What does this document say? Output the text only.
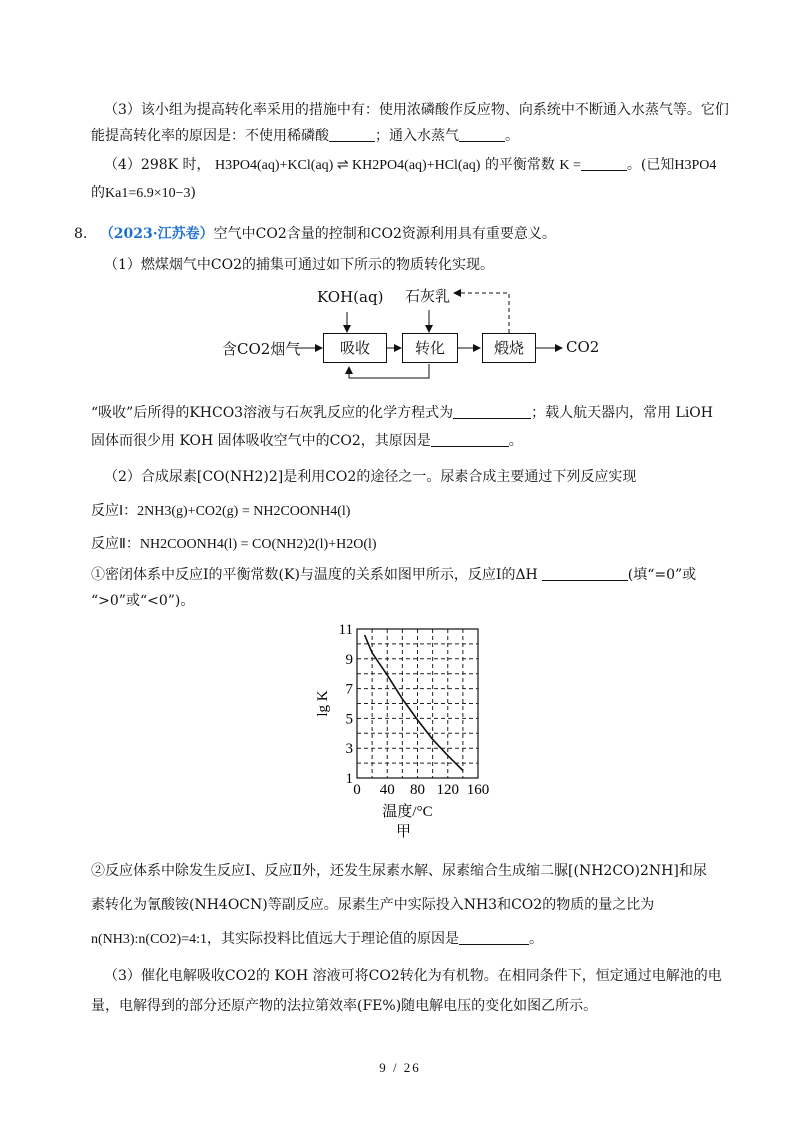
（3）该小组为提高转化率采用的措施中有：使用浓磷酸作反应物、向系统中不断通入水蒸气等。它们
能提高转化率的原因是：不使用稀磷酸	；通入水蒸气	。
（4）298K 时， H3PO4(aq)+KCl(aq) ⇌ KH2PO4(aq)+HCl(aq) 的平衡常数 K =	。(已知H3PO4
的Ka1=6.9×10−3)
8. （2023·江苏卷）空气中CO2含量的控制和CO2资源利用具有重要意义。
（1）燃煤烟气中CO2的捕集可通过如下所示的物质转化实现。
KOH(aq) 石灰乳
含CO2烟气	吸收	转化	煅烧	CO2
“吸收”后所得的KHCO3溶液与石灰乳反应的化学方程式为	；载人航天器内，常用 LiOH
固体而很少用 KOH 固体吸收空气中的CO2，其原因是	。
（2）合成尿素[CO(NH2)2]是利用CO2的途径之一。尿素合成主要通过下列反应实现
反应Ⅰ：2NH3(g)+CO2(g) = NH2COONH4(l)
反应Ⅱ：NH2COONH4(l) = CO(NH2)2(l)+H2O(l)
①密闭体系中反应Ⅰ的平衡常数(K)与温度的关系如图甲所示，反应Ⅰ的ΔH	(填“=0”或
“>0”或“<0”)。
0 40 80 120 160
1
3
5
7
9
11
温度/°C
lg K
甲
②反应体系中除发生反应Ⅰ、反应Ⅱ外，还发生尿素水解、尿素缩合生成缩二脲[(NH2CO)2NH]和尿
素转化为氰酸铵(NH4OCN)等副反应。尿素生产中实际投入NH3和CO2的物质的量之比为
n(NH3):n(CO2)=4:1，其实际投料比值远大于理论值的原因是	。
（3）催化电解吸收CO2的 KOH 溶液可将CO2转化为有机物。在相同条件下，恒定通过电解池的电
量，电解得到的部分还原产物的法拉第效率(FE%)随电解电压的变化如图乙所示。
9 / 26
